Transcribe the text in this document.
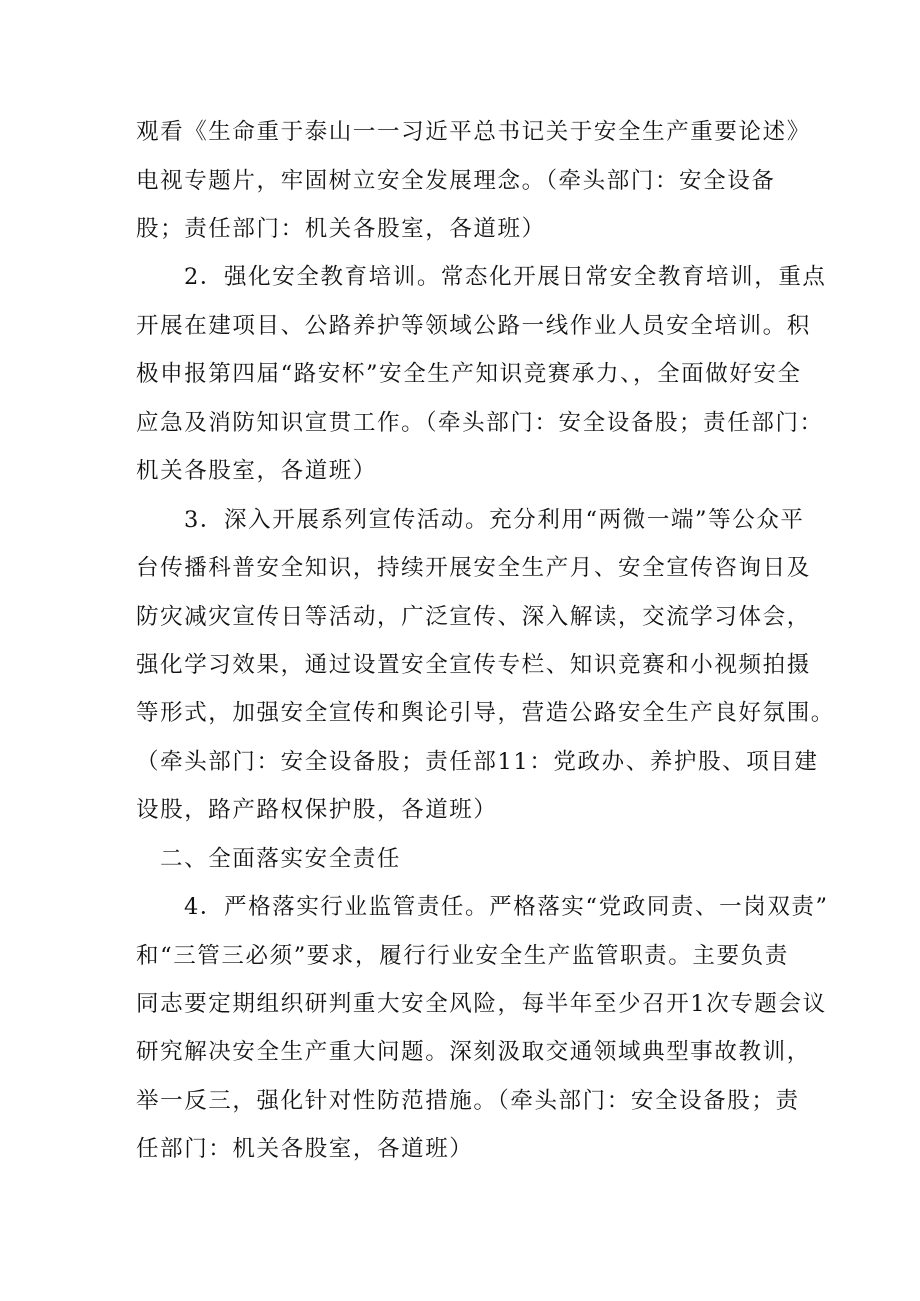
观看《生命重于泰山一一习近平总书记关于安全生产重要论述》

电视专题片，牢固树立安全发展理念。（牵头部门：安全设备

股；责任部门：机关各股室，各道班）

2．强化安全教育培训。常态化开展日常安全教育培训，重点

开展在建项目、公路养护等领域公路一线作业人员安全培训。积

极申报第四届“路安杯”安全生产知识竞赛承力、，全面做好安全

应急及消防知识宣贯工作。（牵头部门：安全设备股；责任部门：

机关各股室，各道班）

3．深入开展系列宣传活动。充分利用“两微一端”等公众平

台传播科普安全知识，持续开展安全生产月、安全宣传咨询日及

防灾减灾宣传日等活动，广泛宣传、深入解读，交流学习体会，

强化学习效果，通过设置安全宣传专栏、知识竞赛和小视频拍摄

等形式，加强安全宣传和舆论引导，营造公路安全生产良好氛围。

（牵头部门：安全设备股；责任部11：党政办、养护股、项目建

设股，路产路权保护股，各道班）

二、全面落实安全责任

4．严格落实行业监管责任。严格落实“党政同责、一岗双责”

和“三管三必须”要求，履行行业安全生产监管职责。主要负责

同志要定期组织研判重大安全风险，每半年至少召开1次专题会议

研究解决安全生产重大问题。深刻汲取交通领域典型事故教训，

举一反三，强化针对性防范措施。（牵头部门：安全设备股；责

任部门：机关各股室，各道班）
